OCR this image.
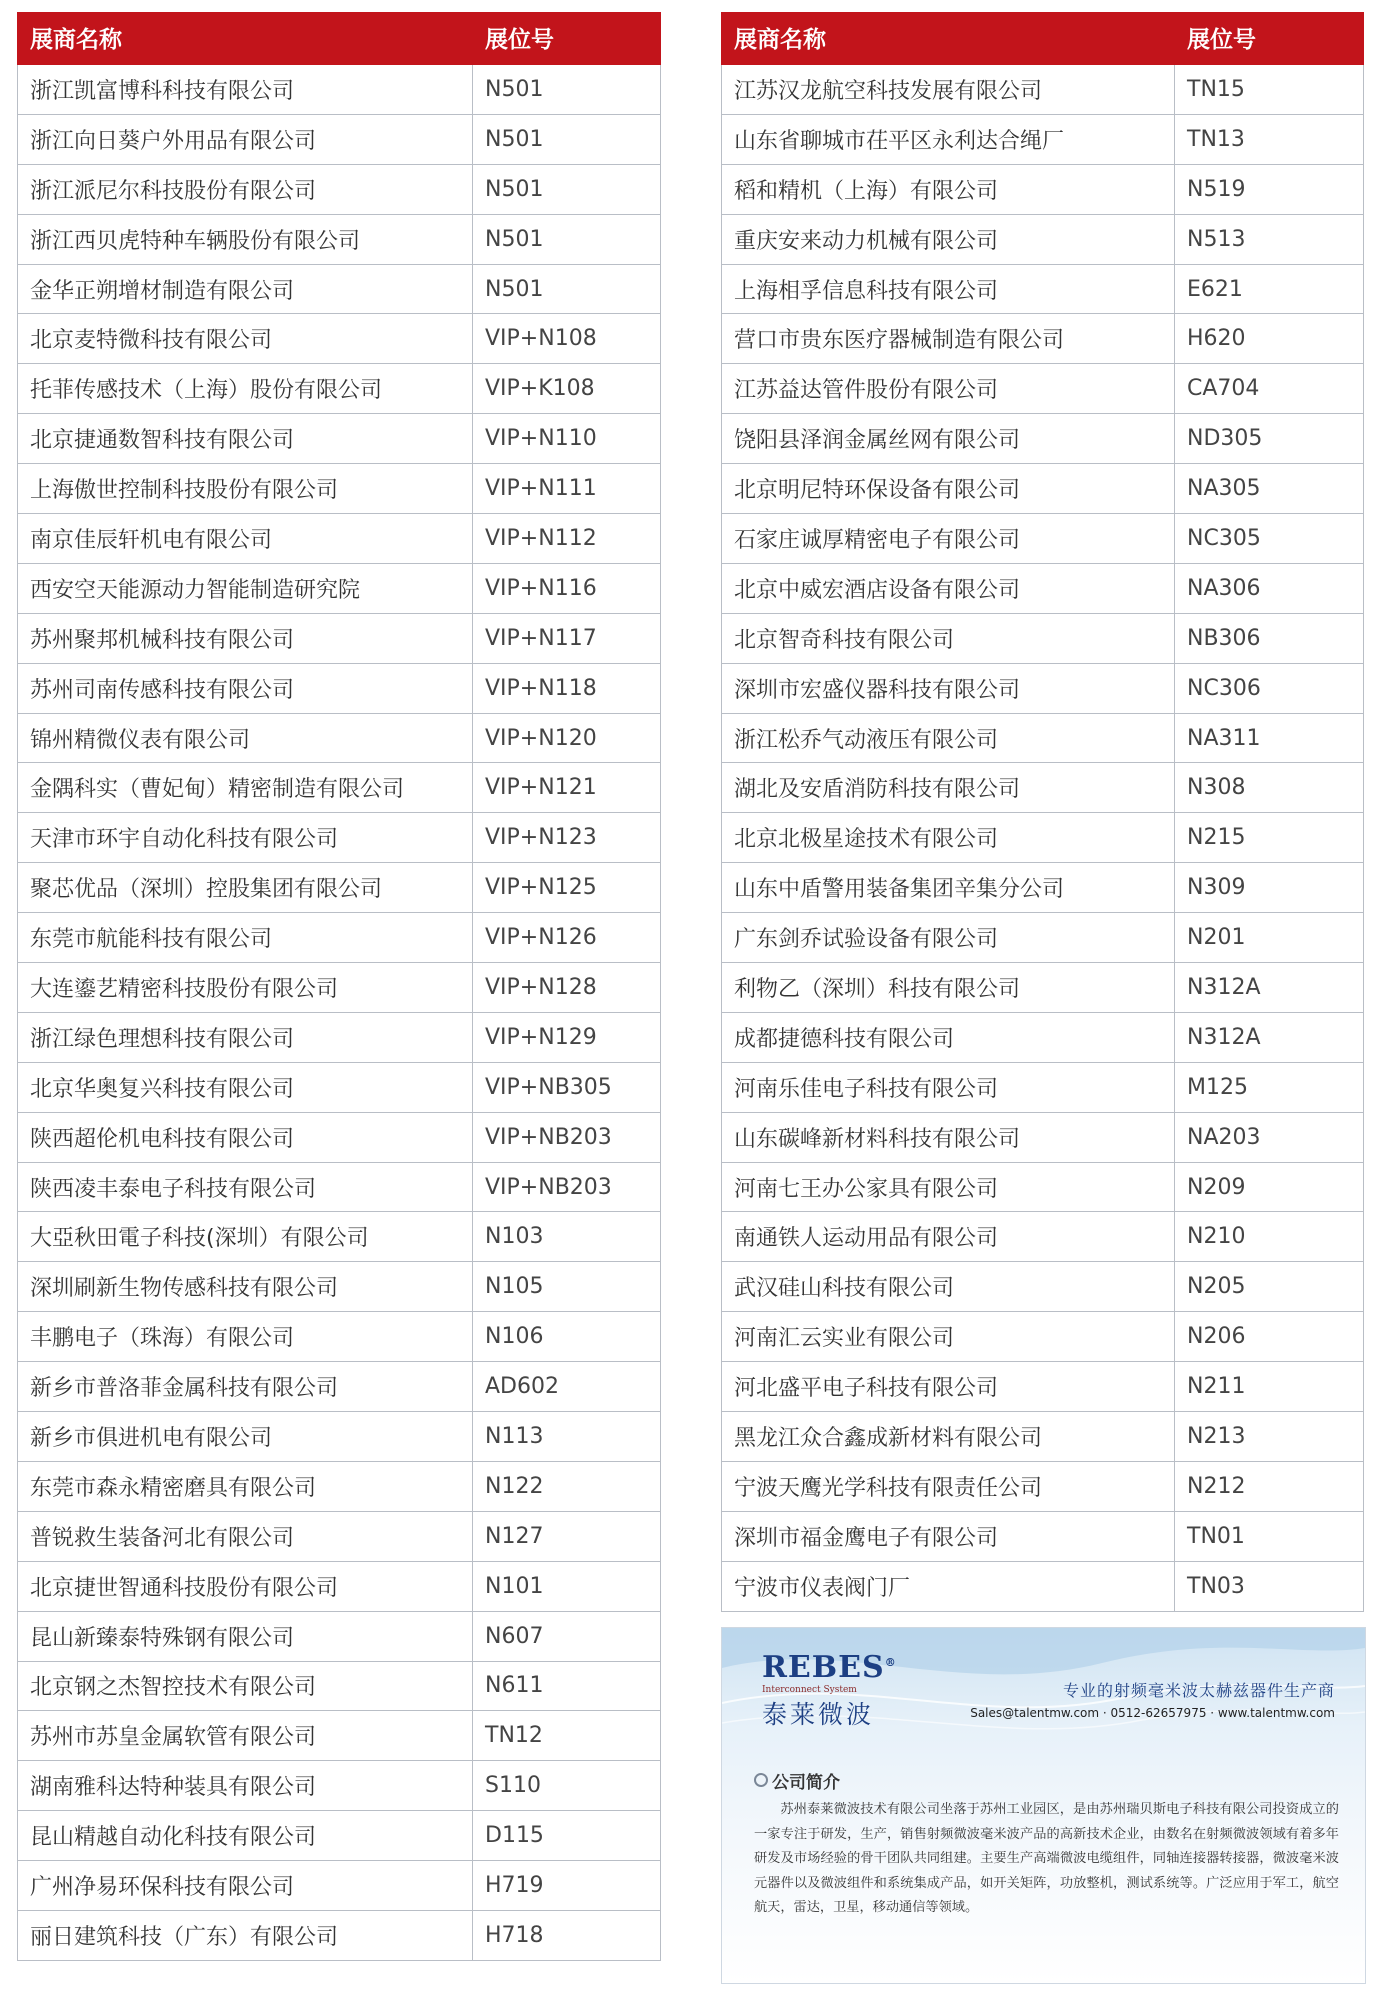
展商名称	展位号
浙江凯富博科科技有限公司	N501
浙江向日葵户外用品有限公司	N501
浙江派尼尔科技股份有限公司	N501
浙江西贝虎特种车辆股份有限公司	N501
金华正朔增材制造有限公司	N501
北京麦特微科技有限公司	VIP+N108
托菲传感技术（上海）股份有限公司	VIP+K108
北京捷通数智科技有限公司	VIP+N110
上海傲世控制科技股份有限公司	VIP+N111
南京佳辰轩机电有限公司	VIP+N112
西安空天能源动力智能制造研究院	VIP+N116
苏州聚邦机械科技有限公司	VIP+N117
苏州司南传感科技有限公司	VIP+N118
锦州精微仪表有限公司	VIP+N120
金隅科实（曹妃甸）精密制造有限公司	VIP+N121
天津市环宇自动化科技有限公司	VIP+N123
聚芯优品（深圳）控股集团有限公司	VIP+N125
东莞市航能科技有限公司	VIP+N126
大连鎏艺精密科技股份有限公司	VIP+N128
浙江绿色理想科技有限公司	VIP+N129
北京华奥复兴科技有限公司	VIP+NB305
陕西超伦机电科技有限公司	VIP+NB203
陕西凌丰泰电子科技有限公司	VIP+NB203
大亞秋田電子科技(深圳）有限公司	N103
深圳刷新生物传感科技有限公司	N105
丰鹏电子（珠海）有限公司	N106
新乡市普洛菲金属科技有限公司	AD602
新乡市俱进机电有限公司	N113
东莞市森永精密磨具有限公司	N122
普锐救生装备河北有限公司	N127
北京捷世智通科技股份有限公司	N101
昆山新臻泰特殊钢有限公司	N607
北京钢之杰智控技术有限公司	N611
苏州市苏皇金属软管有限公司	TN12
湖南雅科达特种装具有限公司	S110
昆山精越自动化科技有限公司	D115
广州净易环保科技有限公司	H719
丽日建筑科技（广东）有限公司	H718
展商名称	展位号
江苏汉龙航空科技发展有限公司	TN15
山东省聊城市茌平区永利达合绳厂	TN13
稻和精机（上海）有限公司	N519
重庆安来动力机械有限公司	N513
上海相孚信息科技有限公司	E621
营口市贵东医疗器械制造有限公司	H620
江苏益达管件股份有限公司	CA704
饶阳县泽润金属丝网有限公司	ND305
北京明尼特环保设备有限公司	NA305
石家庄诚厚精密电子有限公司	NC305
北京中威宏酒店设备有限公司	NA306
北京智奇科技有限公司	NB306
深圳市宏盛仪器科技有限公司	NC306
浙江松乔气动液压有限公司	NA311
湖北及安盾消防科技有限公司	N308
北京北极星途技术有限公司	N215
山东中盾警用装备集团辛集分公司	N309
广东剑乔试验设备有限公司	N201
利物乙（深圳）科技有限公司	N312A
成都捷德科技有限公司	N312A
河南乐佳电子科技有限公司	M125
山东碳峰新材料科技有限公司	NA203
河南七王办公家具有限公司	N209
南通铁人运动用品有限公司	N210
武汉硅山科技有限公司	N205
河南汇云实业有限公司	N206
河北盛平电子科技有限公司	N211
黑龙江众合鑫成新材料有限公司	N213
宁波天鹰光学科技有限责任公司	N212
深圳市福金鹰电子有限公司	TN01
宁波市仪表阀门厂	TN03
REBES®
Interconnect System
泰莱微波
专业的射频毫米波太赫兹器件生产商
Sales@talentmw.com · 0512-62657975 · www.talentmw.com
公司简介
苏州泰莱微波技术有限公司坐落于苏州工业园区，是由苏州瑞贝斯电子科技有限公司投资成立的一家专注于研发，生产，销售射频微波毫米波产品的高新技术企业，由数名在射频微波领域有着多年研发及市场经验的骨干团队共同组建。主要生产高端微波电缆组件，同轴连接器转接器，微波毫米波元器件以及微波组件和系统集成产品，如开关矩阵，功放整机，测试系统等。广泛应用于军工，航空航天，雷达，卫星，移动通信等领域。
